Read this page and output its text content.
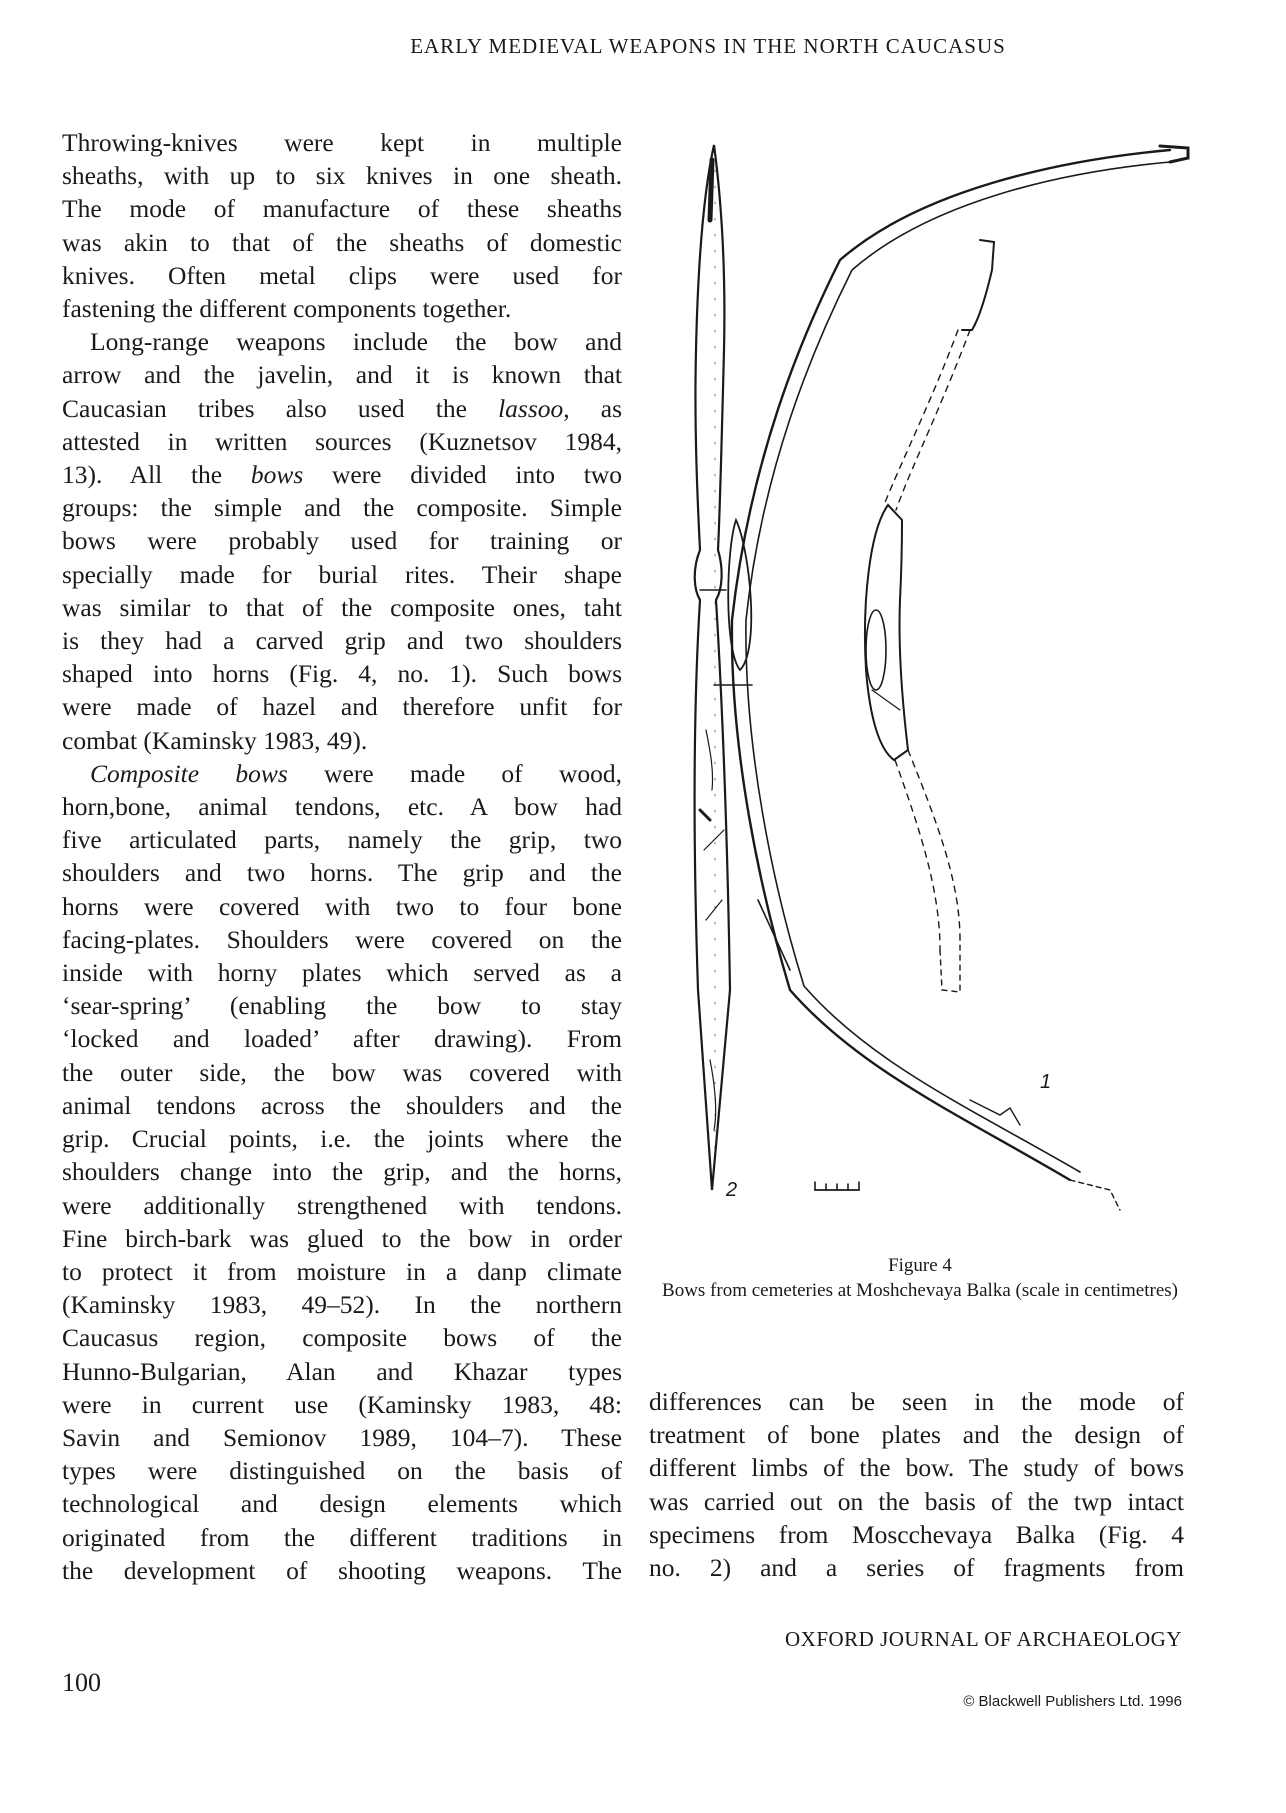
EARLY MEDIEVAL WEAPONS IN THE NORTH CAUCASUS
Throwing-knives were kept in multiple
sheaths, with up to six knives in one sheath.
The mode of manufacture of these sheaths
was akin to that of the sheaths of domestic
knives. Often metal clips were used for
fastening the different components together.
Long-range weapons include the bow and
arrow and the javelin, and it is known that
Caucasian tribes also used the lassoo, as
attested in written sources (Kuznetsov 1984,
13). All the bows were divided into two
groups: the simple and the composite. Simple
bows were probably used for training or
specially made for burial rites. Their shape
was similar to that of the composite ones, taht
is they had a carved grip and two shoulders
shaped into horns (Fig. 4, no. 1). Such bows
were made of hazel and therefore unfit for
combat (Kaminsky 1983, 49).
Composite bows were made of wood,
horn,bone, animal tendons, etc. A bow had
five articulated parts, namely the grip, two
shoulders and two horns. The grip and the
horns were covered with two to four bone
facing-plates. Shoulders were covered on the
inside with horny plates which served as a
‘sear-spring’ (enabling the bow to stay
‘locked and loaded’ after drawing). From
the outer side, the bow was covered with
animal tendons across the shoulders and the
grip. Crucial points, i.e. the joints where the
shoulders change into the grip, and the horns,
were additionally strengthened with tendons.
Fine birch-bark was glued to the bow in order
to protect it from moisture in a danp climate
(Kaminsky 1983, 49–52). In the northern
Caucasus region, composite bows of the
Hunno-Bulgarian, Alan and Khazar types
were in current use (Kaminsky 1983, 48:
Savin and Semionov 1989, 104–7). These
types were distinguished on the basis of
technological and design elements which
originated from the different traditions in
the development of shooting weapons. The
2
1
Figure 4
Bows from cemeteries at Moshchevaya Balka (scale in centimetres)
differences can be seen in the mode of
treatment of bone plates and the design of
different limbs of the bow. The study of bows
was carried out on the basis of the twp intact
specimens from Moscchevaya Balka (Fig. 4
no. 2) and a series of fragments from
OXFORD JOURNAL OF ARCHAEOLOGY
100
© Blackwell Publishers Ltd. 1996
